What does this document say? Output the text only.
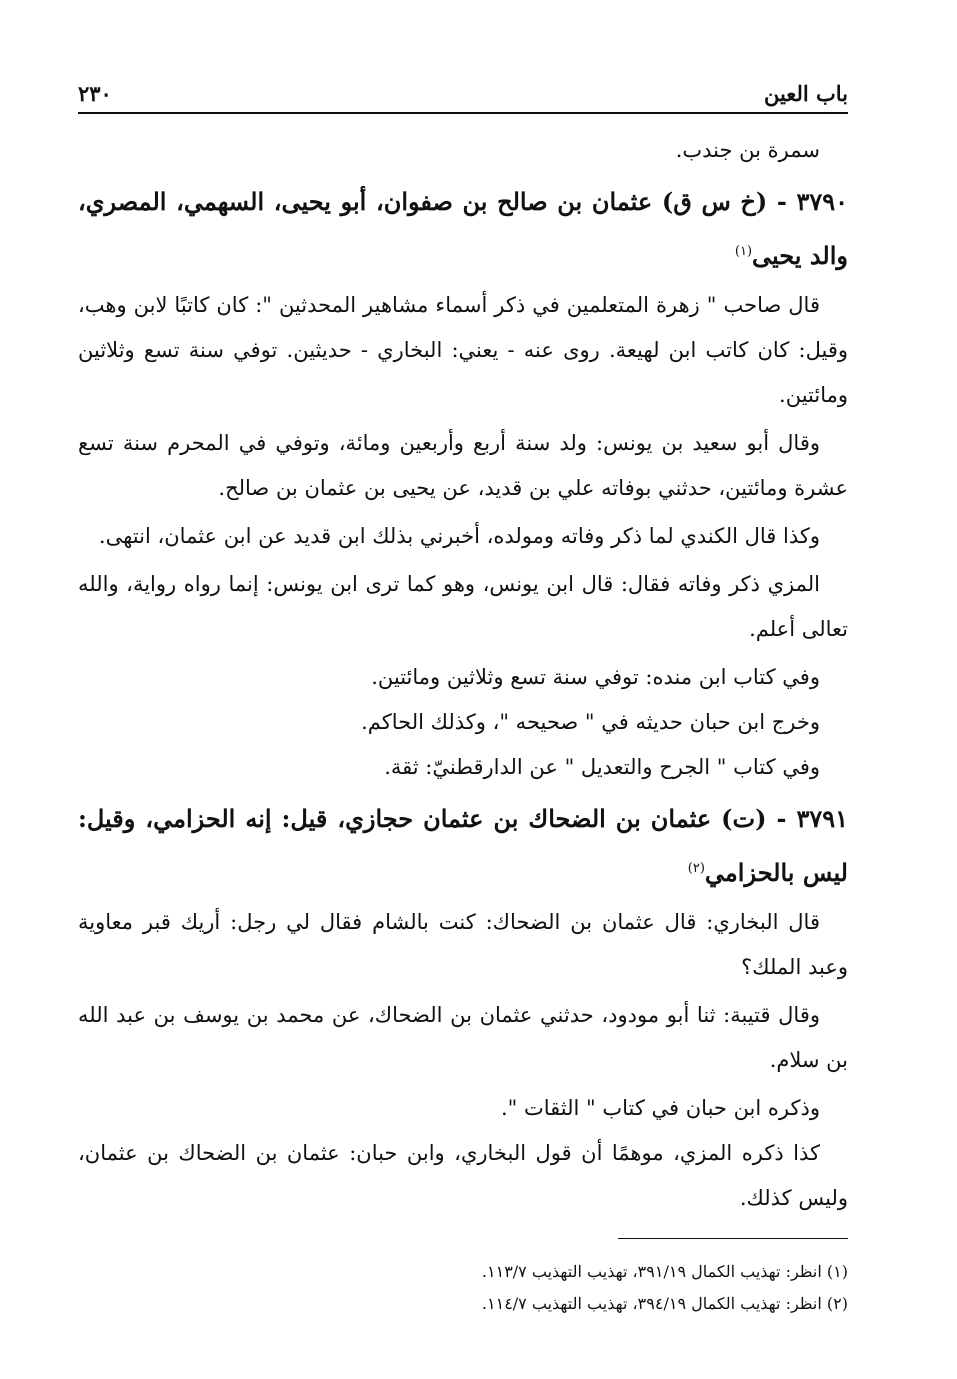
باب العين
٢٣٠

سمرة بن جندب.

٣٧٩٠ - (خ س ق) عثمان بن صالح بن صفوان، أبو يحيى، السهمي، المصري، والد يحيى$^{(١)}$

قال صاحب " زهرة المتعلمين في ذكر أسماء مشاهير المحدثين ": كان كاتبًا لابن وهب، وقيل: كان كاتب ابن لهيعة. روى عنه - يعني: البخاري - حديثين. توفي سنة تسع وثلاثين ومائتين.

وقال أبو سعيد بن يونس: ولد سنة أربع وأربعين ومائة، وتوفي في المحرم سنة تسع عشرة ومائتين، حدثني بوفاته علي بن قديد، عن يحيى بن عثمان بن صالح.

وكذا قال الكندي لما ذكر وفاته ومولده، أخبرني بذلك ابن قديد عن ابن عثمان، انتهى.

المزي ذكر وفاته فقال: قال ابن يونس، وهو كما ترى ابن يونس: إنما رواه رواية، والله تعالى أعلم.

وفي كتاب ابن منده: توفي سنة تسع وثلاثين ومائتين.

وخرج ابن حبان حديثه في " صحيحه "، وكذلك الحاكم.

وفي كتاب " الجرح والتعديل " عن الدارقطنيّ: ثقة.

٣٧٩١ - (ت) عثمان بن الضحاك بن عثمان حجازي، قيل: إنه الحزامي، وقيل: ليس بالحزامي$^{(٢)}$

قال البخاري: قال عثمان بن الضحاك: كنت بالشام فقال لي رجل: أريك قبر معاوية وعبد الملك؟

وقال قتيبة: ثنا أبو مودود، حدثني عثمان بن الضحاك، عن محمد بن يوسف بن عبد الله بن سلام.

وذكره ابن حبان في كتاب " الثقات ".

كذا ذكره المزي، موهمًا أن قول البخاري، وابن حبان: عثمان بن الضحاك بن عثمان، وليس كذلك.

(١) انظر: تهذيب الكمال ٣٩١/١٩، تهذيب التهذيب ١١٣/٧.

(٢) انظر: تهذيب الكمال ٣٩٤/١٩، تهذيب التهذيب ١١٤/٧.
